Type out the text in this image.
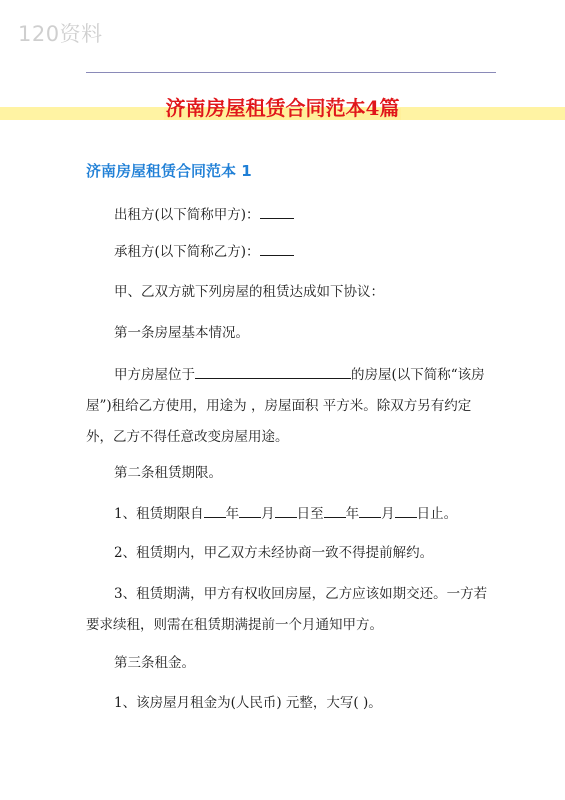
120资料
济南房屋租赁合同范本4篇
济南房屋租赁合同范本 1

出租方(以下简称甲方)：

承租方(以下简称乙方)：

甲、乙双方就下列房屋的租赁达成如下协议：

第一条房屋基本情况。

甲方房屋位于	的房屋(以下简称“该房屋”)租给乙方使用，用途为 ，房屋面积 平方米。除双方另有约定外，乙方不得任意改变房屋用途。

第二条租赁期限。

1、租赁期限自 年 月 日至 年 月 日止。

2、租赁期内，甲乙双方未经协商一致不得提前解约。

3、租赁期满，甲方有权收回房屋，乙方应该如期交还。一方若要求续租，则需在租赁期满提前一个月通知甲方。

第三条租金。

1、该房屋月租金为(人民币) 元整，大写( )。
